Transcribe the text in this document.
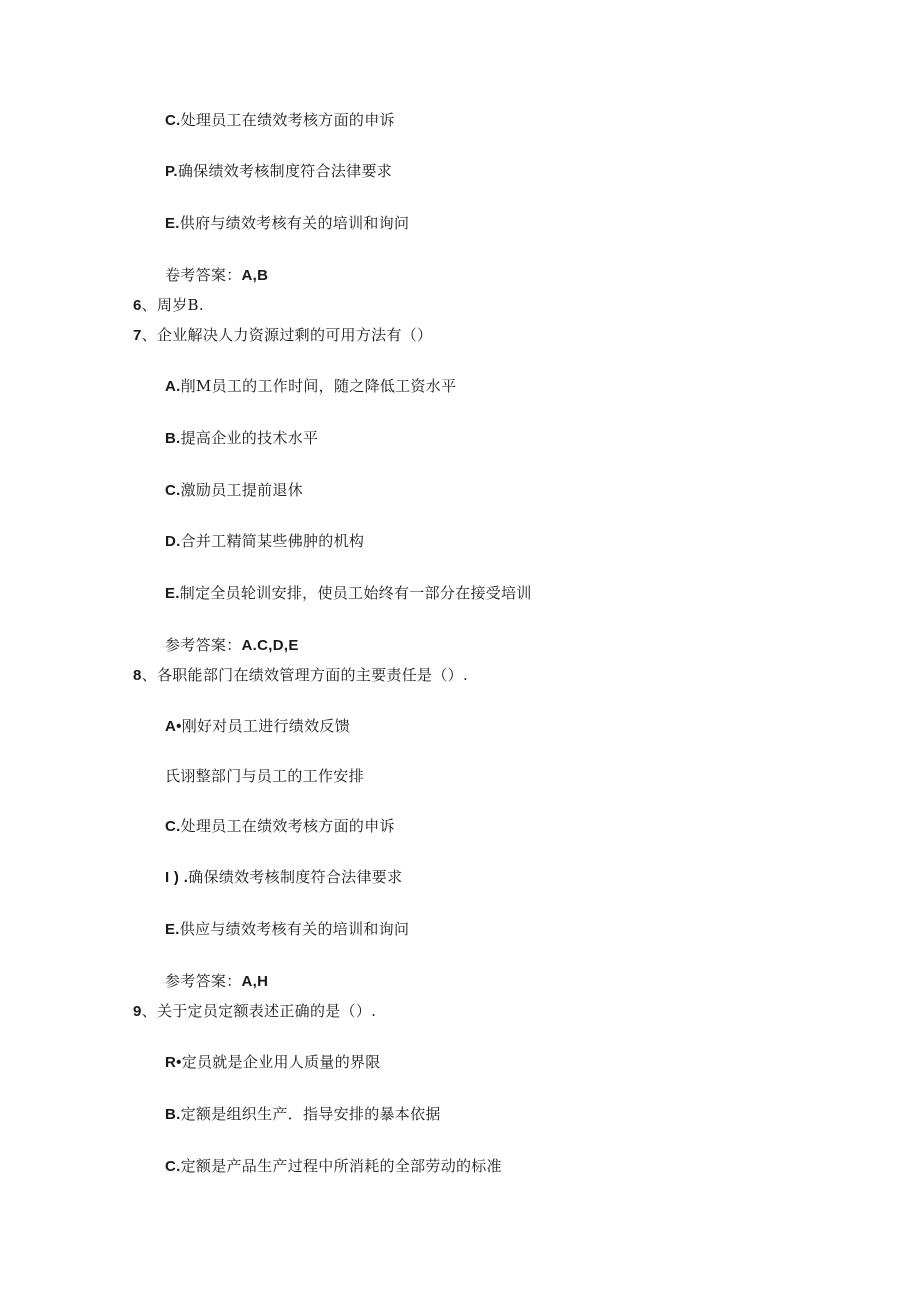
C.处理员工在绩效考核方面的申诉
P.确保绩效考核制度符合法律要求
E.供府与绩效考核有关的培训和询问
卷考答案：A,B
6、周岁B.
7、企业解决人力资源过剩的可用方法有（）
A.削M员工的工作时间，随之降低工资水平
B.提高企业的技术水平
C.激励员工提前退休
D.合并工精简某些佛肿的机构
E.制定全员轮训安排，使员工始终有一部分在接受培训
参考答案：A.C,D,E
8、各职能部门在绩效管理方面的主要责任是（）.
A•刚好对员工进行绩效反馈
氏诩整部门与员工的工作安排
C.处理员工在绩效考核方面的申诉
I ) .确保绩效考核制度符合法律要求
E.供应与绩效考核有关的培训和询问
参考答案：A,H
9、关于定员定额表述正确的是（）.
R•定员就是企业用人质量的界限
B.定额是组织生产．指导安排的暴本依据
C.定额是产品生产过程中所消耗的全部劳动的标准
